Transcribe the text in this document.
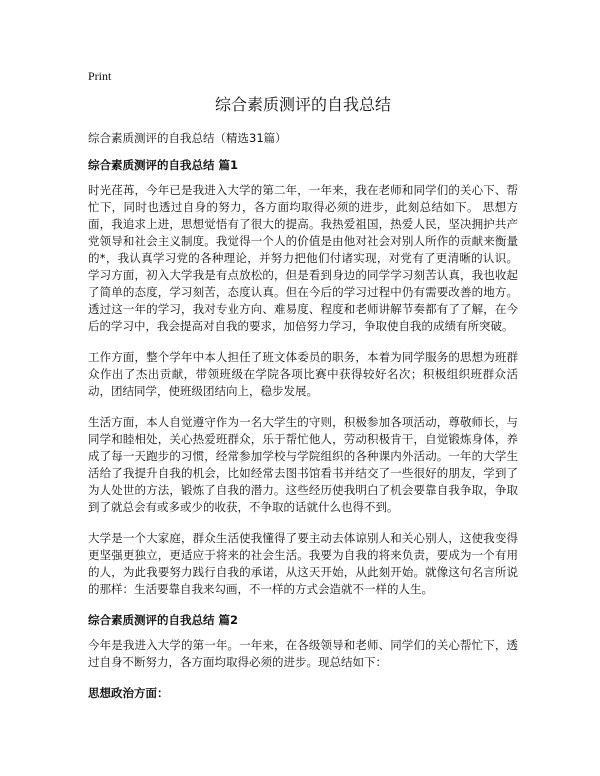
Print
综合素质测评的自我总结
综合素质测评的自我总结（精选31篇）
综合素质测评的自我总结 篇1

时光荏苒，今年已是我进入大学的第二年，一年来，我在老师和同学们的关心下、帮忙下，同时也透过自身的努力，各方面均取得必须的进步，此刻总结如下。 思想方面，我追求上进，思想觉悟有了很大的提高。我热爱祖国，热爱人民，坚决拥护共产党领导和社会主义制度。我觉得一个人的价值是由他对社会对别人所作的贡献来衡量的*，我认真学习党的各种理论，并努力把他们付诸实现，对党有了更清晰的认识。学习方面，初入大学我是有点放松的，但是看到身边的同学学习刻苦认真，我也收起了简单的态度，学习刻苦，态度认真。但在今后的学习过程中仍有需要改善的地方。透过这一年的学习，我对专业方向、难易度、程度和老师讲解节奏都有了了解，在今后的学习中，我会提高对自我的要求，加倍努力学习，争取使自我的成绩有所突破。

工作方面，整个学年中本人担任了班文体委员的职务，本着为同学服务的思想为班群众作出了杰出贡献，带领班级在学院各项比赛中获得较好名次；积极组织班群众活动，团结同学，使班级团结向上，稳步发展。

生活方面，本人自觉遵守作为一名大学生的守则，积极参加各项活动，尊敬师长，与同学和睦相处，关心热爱班群众，乐于帮忙他人，劳动积极肯干，自觉锻炼身体，养成了每一天跑步的习惯，经常参加学校与学院组织的各种课内外活动。一年的大学生活给了我提升自我的机会，比如经常去图书馆看书并结交了一些很好的朋友，学到了为人处世的方法，锻炼了自我的潜力。这些经历使我明白了机会要靠自我争取，争取到了就总会有或多或少的收获，不争取的话就什么也得不到。

大学是一个大家庭，群众生活使我懂得了要主动去体谅别人和关心别人，这使我变得更坚强更独立，更适应于将来的社会生活。我要为自我的将来负责，要成为一个有用的人，为此我要努力践行自我的承诺，从这天开始，从此刻开始。就像这句名言所说的那样：生活要靠自我来勾画，不一样的方式会造就不一样的人生。

综合素质测评的自我总结 篇2

今年是我进入大学的第一年。一年来，在各级领导和老师、同学们的关心帮忙下，透过自身不断努力，各方面均取得必须的进步。现总结如下：

思想政治方面：
